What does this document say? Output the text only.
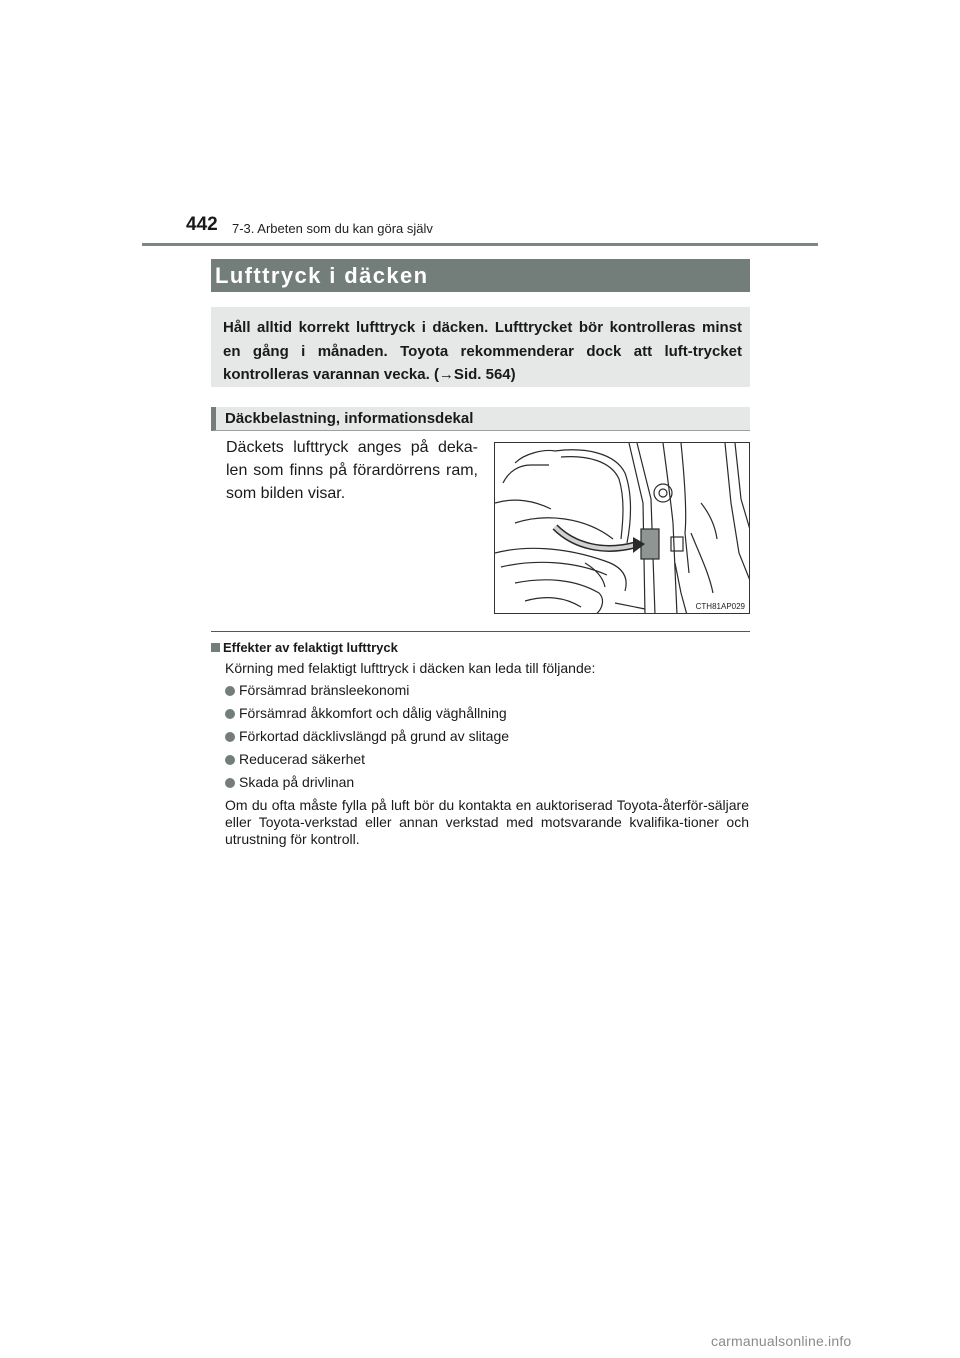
442 7-3. Arbeten som du kan göra själv
Lufttryck i däcken
Håll alltid korrekt lufttryck i däcken. Lufttrycket bör kontrolleras minst en gång i månaden. Toyota rekommenderar dock att luft-trycket kontrolleras varannan vecka. (→Sid. 564)
Däckbelastning, informationsdekal
Däckets lufttryck anges på deka-len som finns på förardörrens ram, som bilden visar.
CTH81AP029
Effekter av felaktigt lufttryck
Körning med felaktigt lufttryck i däcken kan leda till följande:
Försämrad bränsleekonomi
Försämrad åkkomfort och dålig väghållning
Förkortad däcklivslängd på grund av slitage
Reducerad säkerhet
Skada på drivlinan
Om du ofta måste fylla på luft bör du kontakta en auktoriserad Toyota-återför-säljare eller Toyota-verkstad eller annan verkstad med motsvarande kvalifika-tioner och utrustning för kontroll.
carmanualsonline.info
